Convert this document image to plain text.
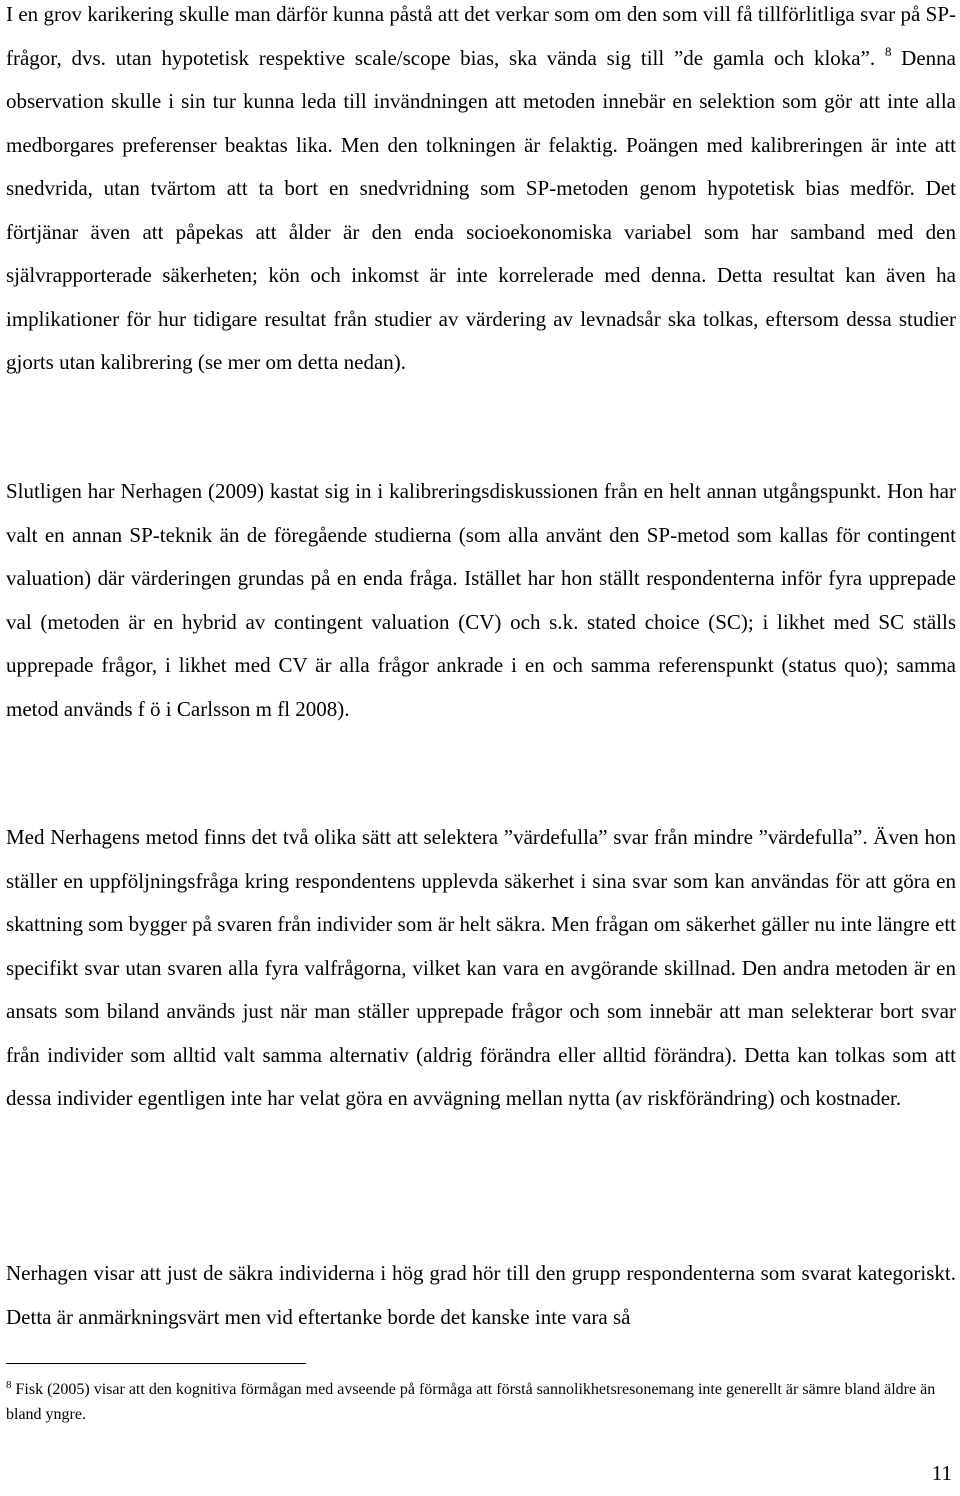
I en grov karikering skulle man därför kunna påstå att det verkar som om den som vill få tillförlitliga svar på SP-frågor, dvs. utan hypotetisk respektive scale/scope bias, ska vända sig till ”de gamla och kloka”. $^8$ Denna observation skulle i sin tur kunna leda till invändningen att metoden innebär en selektion som gör att inte alla medborgares preferenser beaktas lika. Men den tolkningen är felaktig. Poängen med kalibreringen är inte att snedvrida, utan tvärtom att ta bort en snedvridning som SP-metoden genom hypotetisk bias medför. Det förtjänar även att påpekas att ålder är den enda socioekonomiska variabel som har samband med den självrapporterade säkerheten; kön och inkomst är inte korrelerade med denna. Detta resultat kan även ha implikationer för hur tidigare resultat från studier av värdering av levnadsår ska tolkas, eftersom dessa studier gjorts utan kalibrering (se mer om detta nedan).

Slutligen har Nerhagen (2009) kastat sig in i kalibreringsdiskussionen från en helt annan utgångspunkt. Hon har valt en annan SP-teknik än de föregående studierna (som alla använt den SP-metod som kallas för contingent valuation) där värderingen grundas på en enda fråga. Istället har hon ställt respondenterna inför fyra upprepade val (metoden är en hybrid av contingent valuation (CV) och s.k. stated choice (SC); i likhet med SC ställs upprepade frågor, i likhet med CV är alla frågor ankrade i en och samma referenspunkt (status quo); samma metod används f ö i Carlsson m fl 2008).

Med Nerhagens metod finns det två olika sätt att selektera ”värdefulla” svar från mindre ”värdefulla”. Även hon ställer en uppföljningsfråga kring respondentens upplevda säkerhet i sina svar som kan användas för att göra en skattning som bygger på svaren från individer som är helt säkra. Men frågan om säkerhet gäller nu inte längre ett specifikt svar utan svaren alla fyra valfrågorna, vilket kan vara en avgörande skillnad. Den andra metoden är en ansats som biland används just när man ställer upprepade frågor och som innebär att man selekterar bort svar från individer som alltid valt samma alternativ (aldrig förändra eller alltid förändra). Detta kan tolkas som att dessa individer egentligen inte har velat göra en avvägning mellan nytta (av riskförändring) och kostnader.

Nerhagen visar att just de säkra individerna i hög grad hör till den grupp respondenterna som svarat kategoriskt. Detta är anmärkningsvärt men vid eftertanke borde det kanske inte vara så

$^8$ Fisk (2005) visar att den kognitiva förmågan med avseende på förmåga att förstå sannolikhetsresonemang inte generellt är sämre bland äldre än bland yngre.
11
